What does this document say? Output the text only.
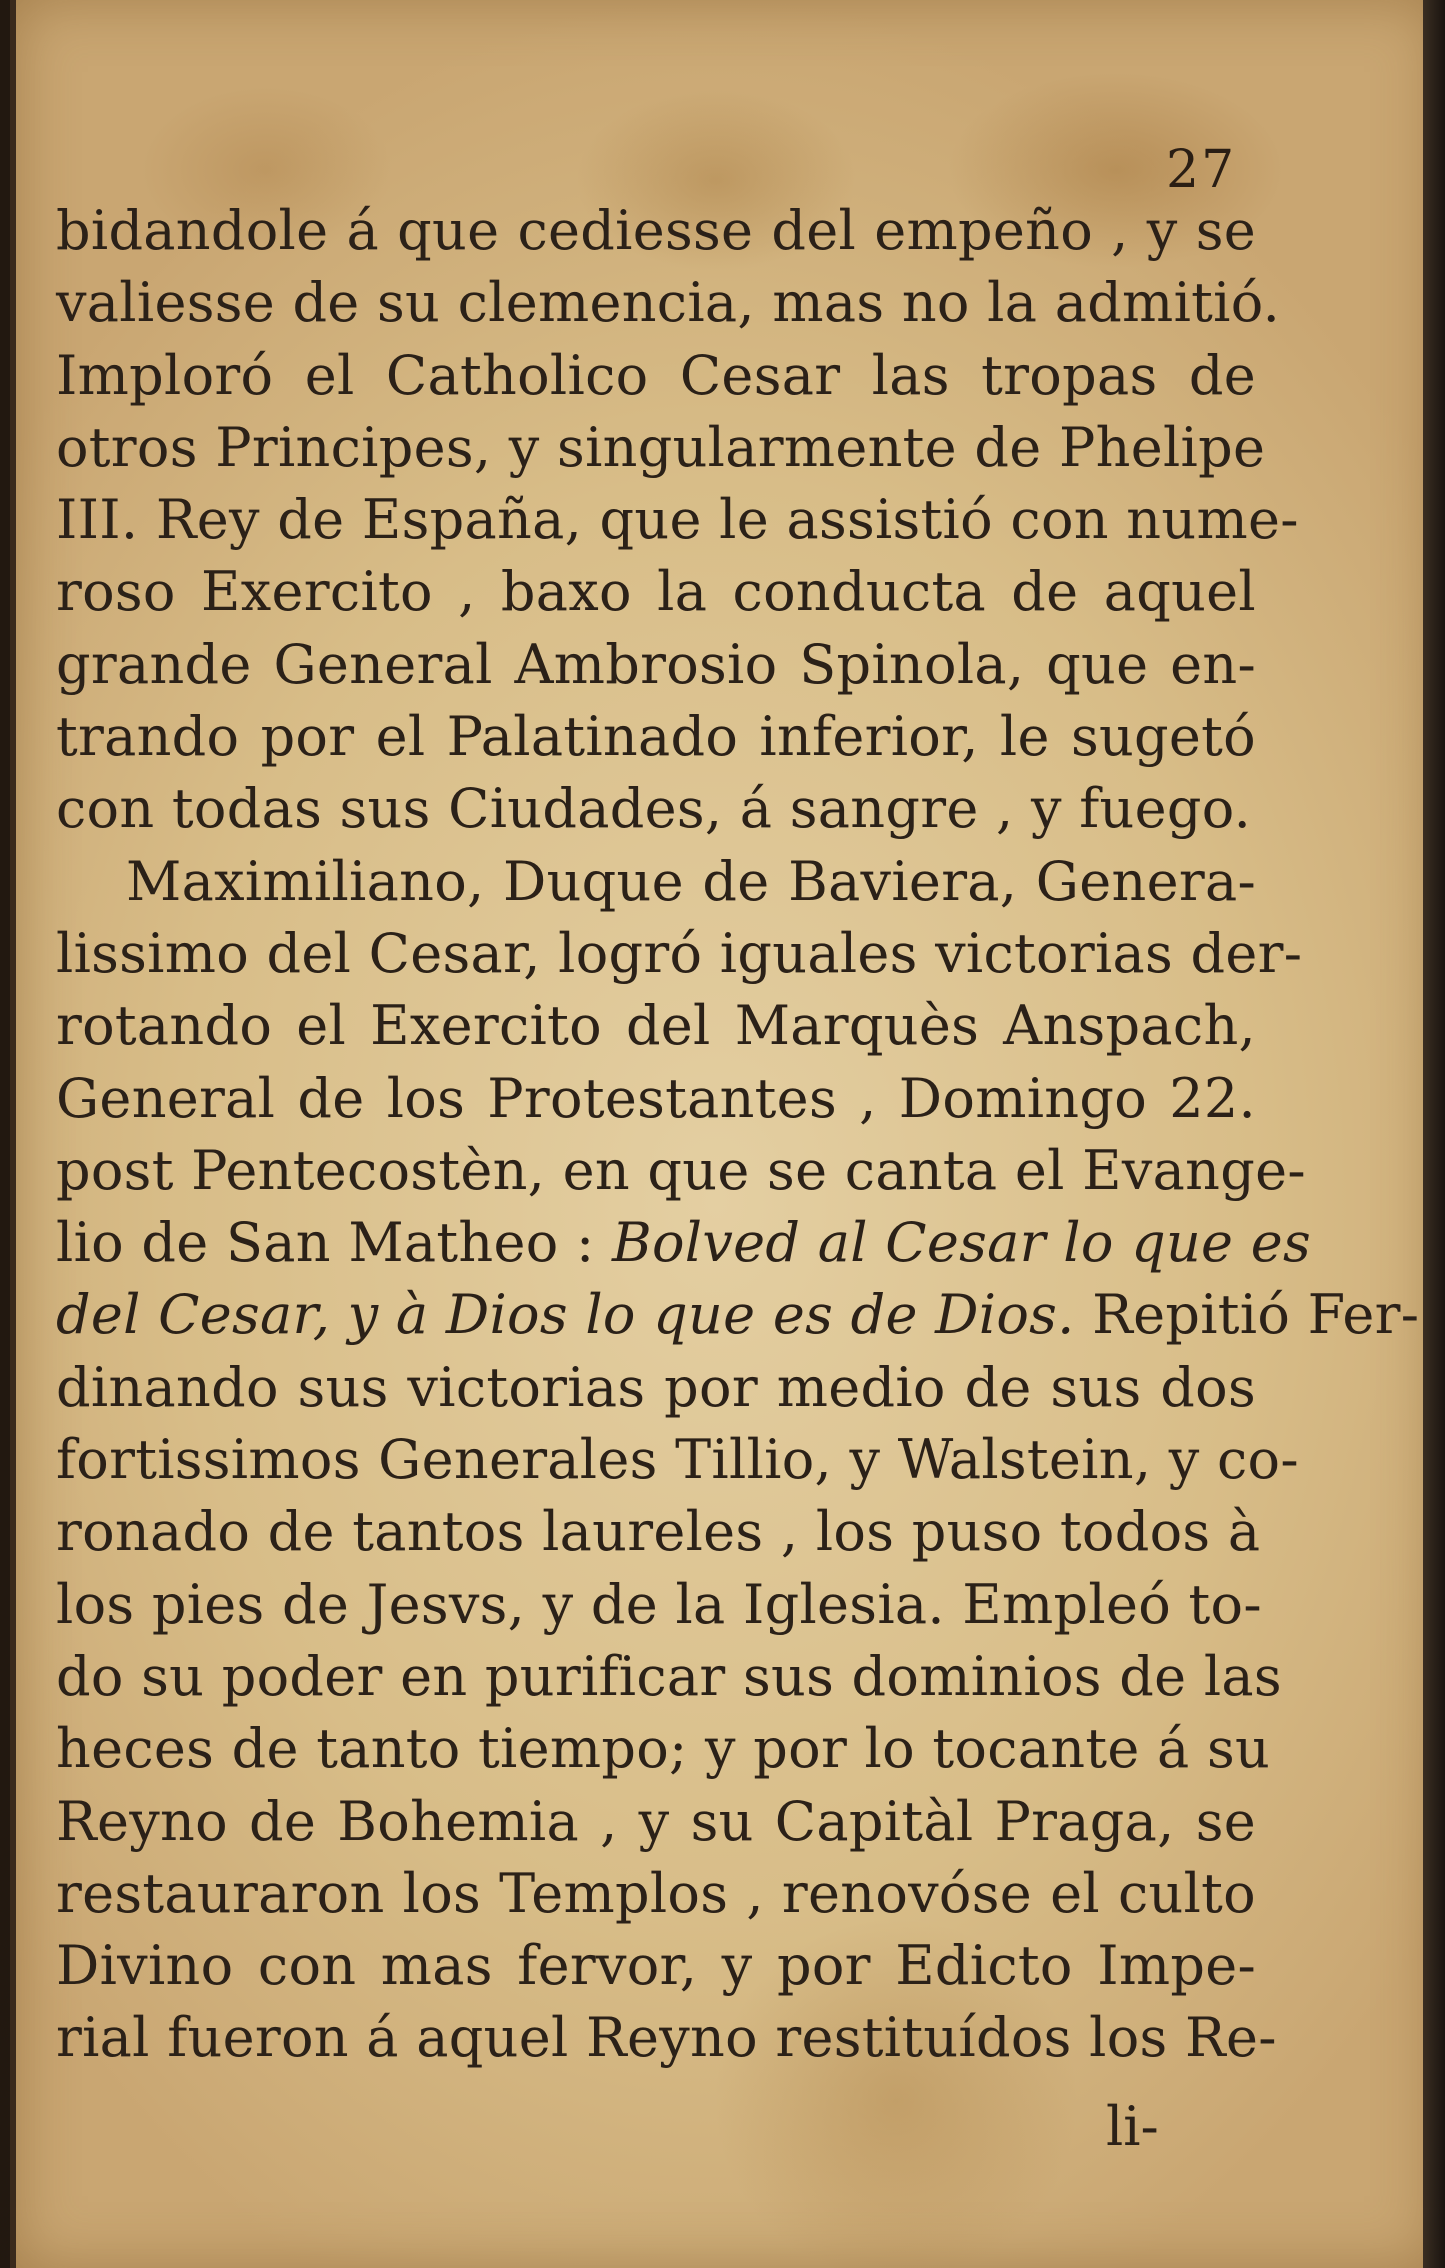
27
bidandole á que cediesse del empeño , y se
valiesse de su clemencia, mas no la admitió.
Imploró el Catholico Cesar las tropas de
otros Principes, y singularmente de Phelipe
III. Rey de España, que le assistió con nume-
roso Exercito , baxo la conducta de aquel
grande General Ambrosio Spinola, que en-
trando por el Palatinado inferior, le sugetó
con todas sus Ciudades, á sangre , y fuego.
Maximiliano, Duque de Baviera, Genera-
lissimo del Cesar, logró iguales victorias der-
rotando el Exercito del Marquès Anspach,
General de los Protestantes , Domingo 22.
post Pentecostèn, en que se canta el Evange-
lio de San Matheo : Bolved al Cesar lo que es
del Cesar, y à Dios lo que es de Dios. Repitió Fer-
dinando sus victorias por medio de sus dos
fortissimos Generales Tillio, y Walstein, y co-
ronado de tantos laureles , los puso todos à
los pies de Jesvs, y de la Iglesia. Empleó to-
do su poder en purificar sus dominios de las
heces de tanto tiempo; y por lo tocante á su
Reyno de Bohemia , y su Capitàl Praga, se
restauraron los Templos , renovóse el culto
Divino con mas fervor, y por Edicto Impe-
rial fueron á aquel Reyno restituídos los Re-
li-
